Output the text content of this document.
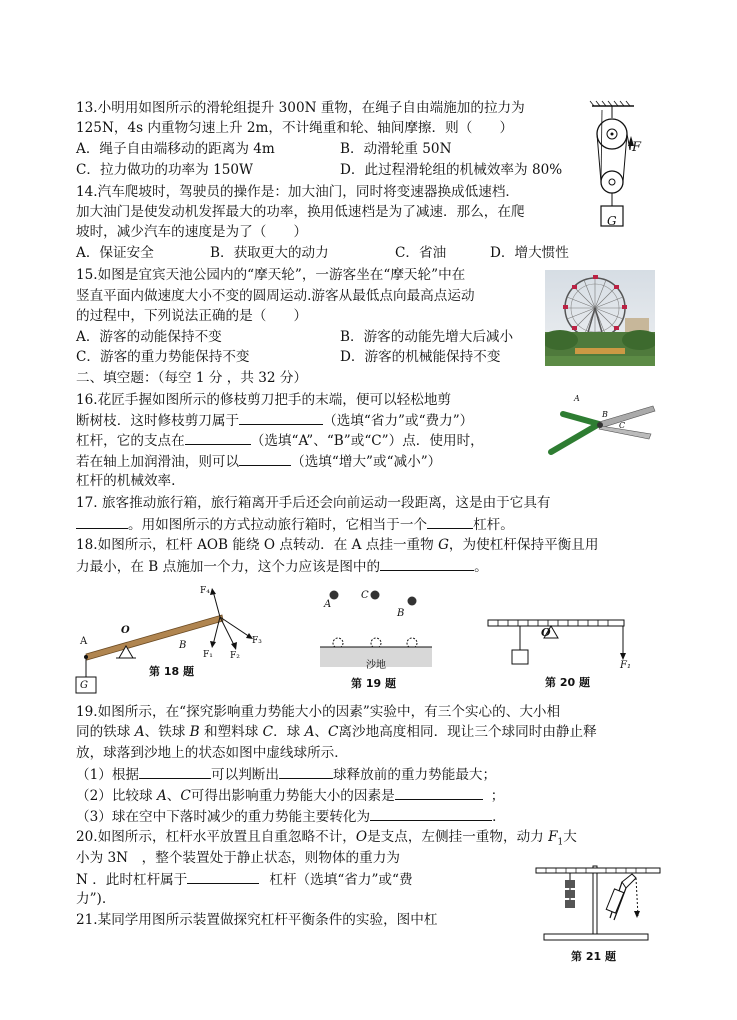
13.小明用如图所示的滑轮组提升 300N 重物，在绳子自由端施加的拉力为
125N，4s 内重物匀速上升 2m，不计绳重和轮、轴间摩擦．则（　　）
A．绳子自由端移动的距离为 4m	B．动滑轮重 50N
C．拉力做功的功率为 150W	D．此过程滑轮组的机械效率为 80%
F
G
14.汽车爬坡时，驾驶员的操作是：加大油门，同时将变速器换成低速档．
加大油门是使发动机发挥最大的功率，换用低速档是为了减速．那么，在爬
坡时，减少汽车的速度是为了（　　）
A．保证安全	B．获取更大的动力	C．省油	D．增大惯性
15.如图是宜宾天池公园内的“摩天轮”，一游客坐在“摩天轮”中在
竖直平面内做速度大小不变的圆周运动.游客从最低点向最高点运动
的过程中，下列说法正确的是（　　）
A．游客的动能保持不变	B．游客的动能先增大后减小
C．游客的重力势能保持不变	D．游客的机械能保持不变
二、填空题：（每空 1 分 ，共 32 分）
16.花匠手握如图所示的修枝剪刀把手的末端，便可以轻松地剪
断树枝．这时修枝剪刀属于	（选填“省力”或“费力”）
杠杆，它的支点在	（选填“A”、“B”或“C”）点．使用时，
若在轴上加润滑油，则可以	（选填“增大”或“减小”）
杠杆的机械效率.
A
B
C
17. 旅客推动旅行箱，旅行箱离开手后还会向前运动一段距离，这是由于它具有
。用如图所示的方式拉动旅行箱时，它相当于一个	杠杆。
18.如图所示，杠杆 AOB 能绕 O 点转动．在 A 点挂一重物 G，为使杠杆保持平衡且用
力最小，在 B 点施加一个力，这个力应该是图中的	。
A
O
B
G
F₄
F₁ F₂
F₃
第 18 题
A
C
B
沙地
第 19 题
O
F₁
第 20 题
19.如图所示，在“探究影响重力势能大小的因素”实验中，有三个实心的、大小相
同的铁球 A、铁球 B 和塑料球 C．球 A、C离沙地高度相同．现让三个球同时由静止释
放，球落到沙地上的状态如图中虚线球所示．
（1）根据	可以判断出	球释放前的重力势能最大；
（2）比较球 A、C可得出影响重力势能大小的因素是	；
（3）球在空中下落时减少的重力势能主要转化为	．
20.如图所示，杠杆水平放置且自重忽略不计，O是支点，左侧挂一重物，动力 $F_1$大
小为 3N　，整个装置处于静止状态，则物体的重力为
N ．此时杠杆属于	杠杆（选填“省力”或“费
力”).
21.某同学用图所示装置做探究杠杆平衡条件的实验，图中杠
第 21 题
